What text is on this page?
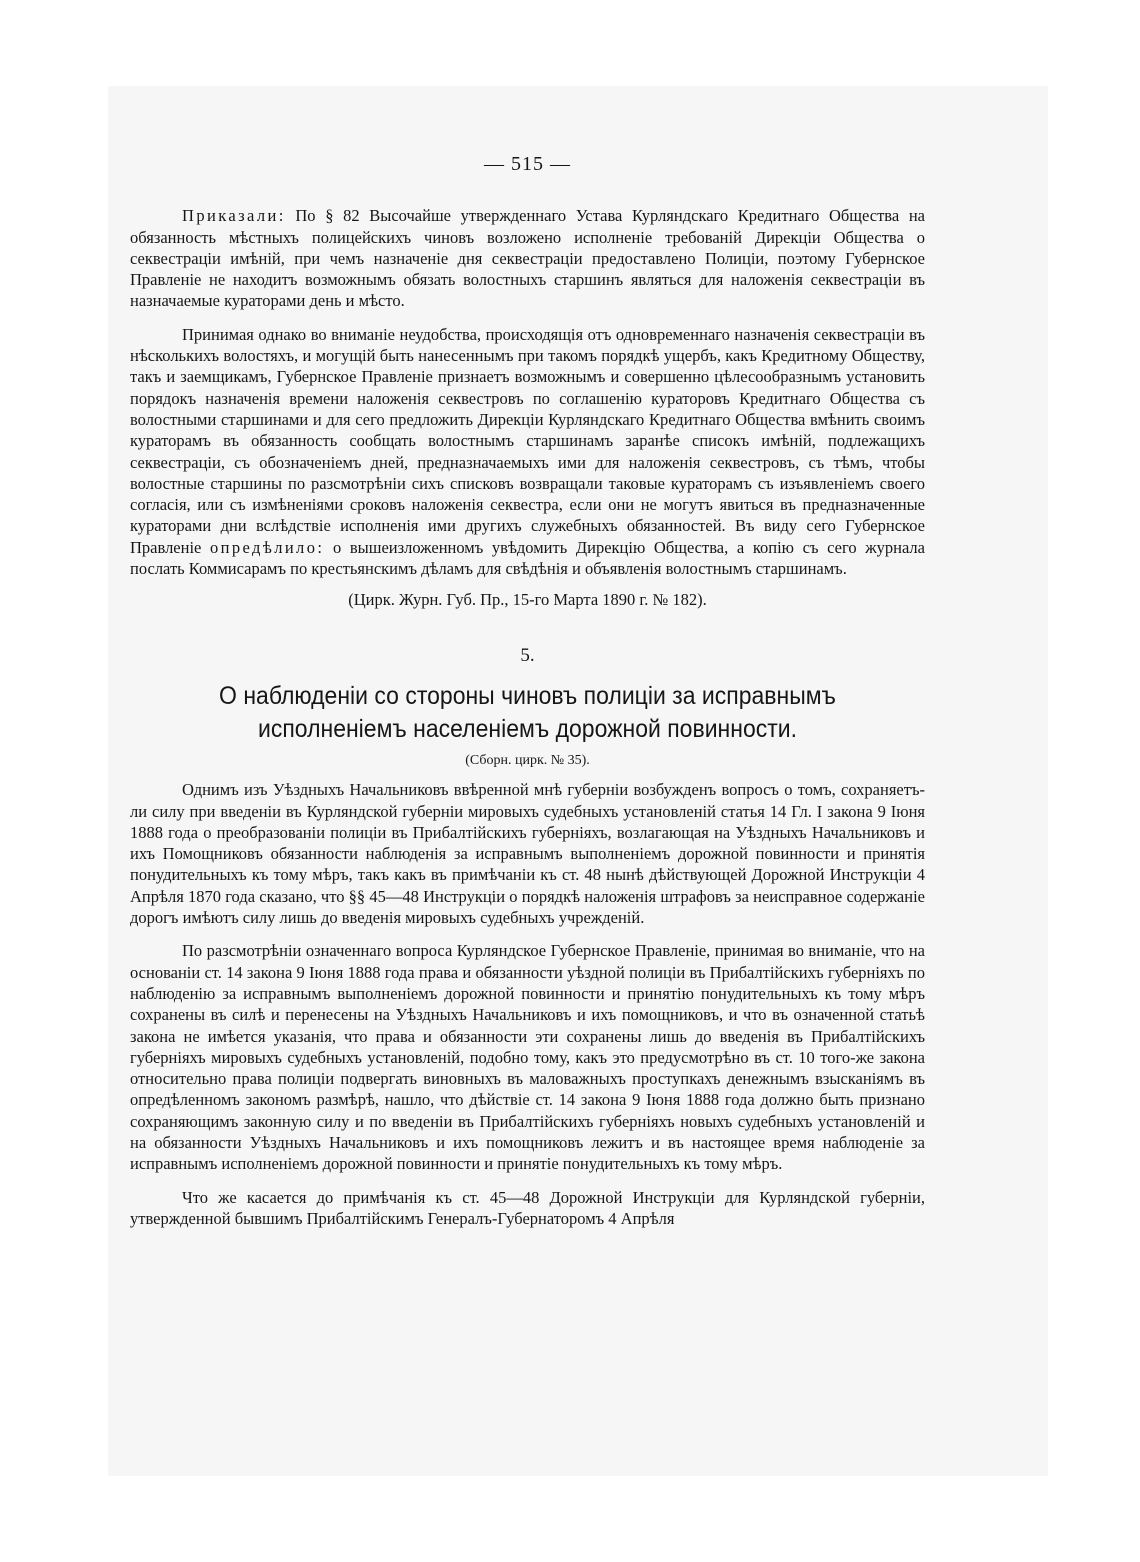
— 515 —

Приказали: По § 82 Высочайше утвержденнаго Устава Курляндскаго Кредитнаго Общества на обязанность мѣстныхъ полицейскихъ чиновъ возложено исполненіе требованій Дирекціи Общества о секвестраціи имѣній, при чемъ назначеніе дня секвестраціи предоставлено Полиціи, поэтому Губернское Правленіе не находитъ возможнымъ обязать волостныхъ старшинъ являться для наложенія секвестраціи въ назначаемые кураторами день и мѣсто.

Принимая однако во вниманіе неудобства, происходящія отъ одновременнаго назначенія секвестраціи въ нѣсколькихъ волостяхъ, и могущій быть нанесеннымъ при такомъ порядкѣ ущербъ, какъ Кредитному Обществу, такъ и заемщикамъ, Губернское Правленіе признаетъ возможнымъ и совершенно цѣлесообразнымъ установить порядокъ назначенія времени наложенія секвестровъ по соглашенію кураторовъ Кредитнаго Общества съ волостными старшинами и для сего предложить Дирекціи Курляндскаго Кредитнаго Общества вмѣнить своимъ кураторамъ въ обязанность сообщать волостнымъ старшинамъ заранѣе списокъ имѣній, подлежащихъ секвестраціи, съ обозначеніемъ дней, предназначаемыхъ ими для наложенія секвестровъ, съ тѣмъ, чтобы волостные старшины по разсмотрѣніи сихъ списковъ возвращали таковые кураторамъ съ изъявленіемъ своего согласія, или съ измѣненіями сроковъ наложенія секвестра, если они не могутъ явиться въ предназначенные кураторами дни вслѣдствіе исполненія ими другихъ служебныхъ обязанностей. Въ виду сего Губернское Правленіе опредѣлило: о вышеизложенномъ увѣдомить Дирекцію Общества, а копію съ сего журнала послать Коммисарамъ по крестьянскимъ дѣламъ для свѣдѣнія и объявленія волостнымъ старшинамъ.

(Цирк. Журн. Губ. Пр., 15-го Марта 1890 г. № 182).

5.
О наблюденіи со стороны чиновъ полиціи за исправнымъ
исполненіемъ населеніемъ дорожной повинности.
(Сборн. цирк. № 35).

Однимъ изъ Уѣздныхъ Начальниковъ ввѣренной мнѣ губерніи возбужденъ вопросъ о томъ, сохраняетъ-ли силу при введеніи въ Курляндской губерніи мировыхъ судебныхъ установленій статья 14 Гл. I закона 9 Іюня 1888 года о преобразованіи полиціи въ Прибалтійскихъ губерніяхъ, возлагающая на Уѣздныхъ Начальниковъ и ихъ Помощниковъ обязанности наблюденія за исправнымъ выполненіемъ дорожной повинности и принятія понудительныхъ къ тому мѣръ, такъ какъ въ примѣчаніи къ ст. 48 нынѣ дѣйствующей Дорожной Инструкціи 4 Апрѣля 1870 года сказано, что §§ 45—48 Инструкціи о порядкѣ наложенія штрафовъ за неисправное содержаніе дорогъ имѣютъ силу лишь до введенія мировыхъ судебныхъ учрежденій.

По разсмотрѣніи означеннаго вопроса Курляндское Губернское Правленіе, принимая во вниманіе, что на основаніи ст. 14 закона 9 Іюня 1888 года права и обязанности уѣздной полиціи въ Прибалтійскихъ губерніяхъ по наблюденію за исправнымъ выполненіемъ дорожной повинности и принятію понудительныхъ къ тому мѣръ сохранены въ силѣ и перенесены на Уѣздныхъ Начальниковъ и ихъ помощниковъ, и что въ означенной статьѣ закона не имѣется указанія, что права и обязанности эти сохранены лишь до введенія въ Прибалтійскихъ губерніяхъ мировыхъ судебныхъ установленій, подобно тому, какъ это предусмотрѣно въ ст. 10 того-же закона относительно права полиціи подвергать виновныхъ въ маловажныхъ проступкахъ денежнымъ взысканіямъ въ опредѣленномъ закономъ размѣрѣ, нашло, что дѣйствіе ст. 14 закона 9 Іюня 1888 года должно быть признано сохраняющимъ законную силу и по введеніи въ Прибалтійскихъ губерніяхъ новыхъ судебныхъ установленій и на обязанности Уѣздныхъ Начальниковъ и ихъ помощниковъ лежитъ и въ настоящее время наблюденіе за исправнымъ исполненіемъ дорожной повинности и принятіе понудительныхъ къ тому мѣръ.

Что же касается до примѣчанія къ ст. 45—48 Дорожной Инструкціи для Курляндской губерніи, утвержденной бывшимъ Прибалтійскимъ Генералъ-Губернаторомъ 4 Апрѣля
